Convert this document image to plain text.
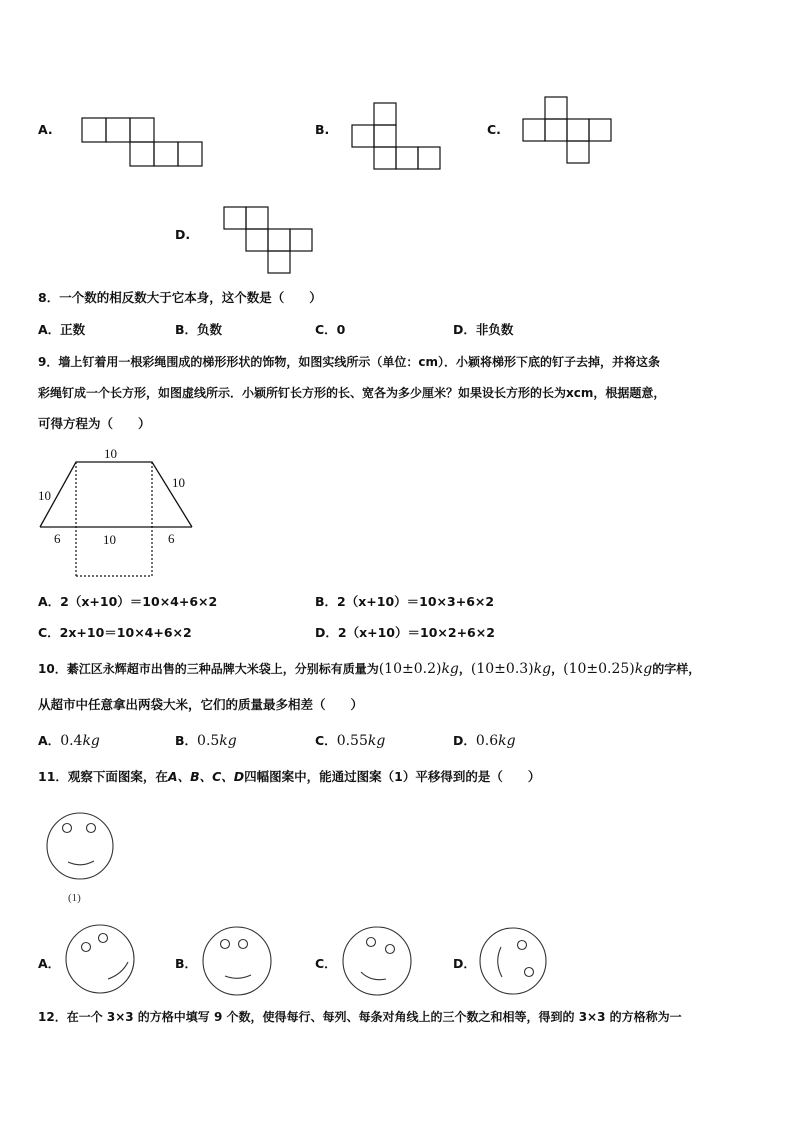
A.	B.	C.
D.
8．一个数的相反数大于它本身，这个数是（　　）
A．正数	B．负数	C．0	D．非负数
9．墙上钉着用一根彩绳围成的梯形形状的饰物，如图实线所示（单位：cm）．小颖将梯形下底的钉子去掉，并将这条
彩绳钉成一个长方形，如图虚线所示．小颖所钉长方形的长、宽各为多少厘米？如果设长方形的长为xcm，根据题意，
可得方程为（　　）
10
10
10
6	10	6
A．2（x+10）＝10×4+6×2	B．2（x+10）＝10×3+6×2
C．2x+10＝10×4+6×2	D．2（x+10）＝10×2+6×2
10．綦江区永辉超市出售的三种品牌大米袋上，分别标有质量为 (10±0.2)kg ， (10±0.3)kg ， (10±0.25)kg 的字样，
从超市中任意拿出两袋大米，它们的质量最多相差（　　）
A． 0.4kg	B． 0.5kg	C． 0.55kg	D． 0.6kg
11．观察下面图案，在A、B、C、D四幅图案中，能通过图案（1）平移得到的是（　　）
(1)
A．	B．	C．	D．
12．在一个 3×3 的方格中填写 9 个数，使得每行、每列、每条对角线上的三个数之和相等，得到的 3×3 的方格称为一
